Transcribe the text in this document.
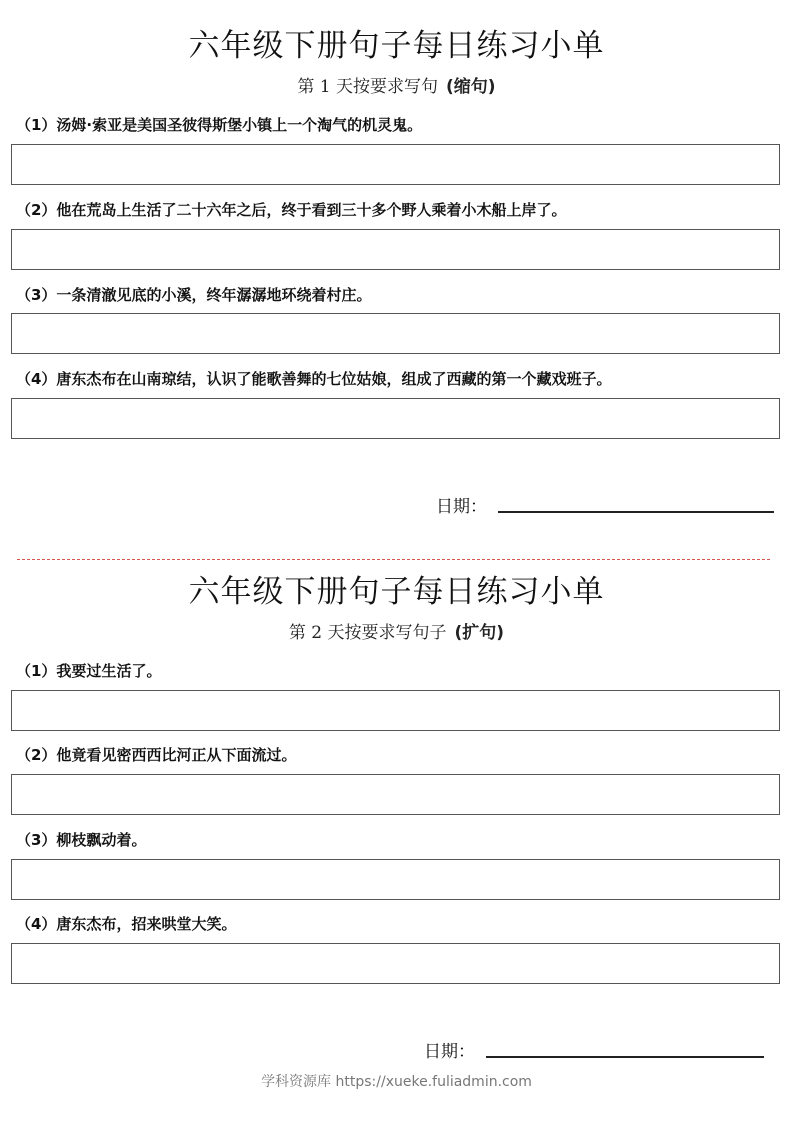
六年级下册句子每日练习小单
第 1 天按要求写句 (缩句)
（1）汤姆·索亚是美国圣彼得斯堡小镇上一个淘气的机灵鬼。
（2）他在荒岛上生活了二十六年之后，终于看到三十多个野人乘着小木船上岸了。
（3）一条清澈见底的小溪，终年潺潺地环绕着村庄。
（4）唐东杰布在山南琼结，认识了能歌善舞的七位姑娘，组成了西藏的第一个藏戏班子。
日期：
六年级下册句子每日练习小单
第 2 天按要求写句子 (扩句)
（1）我要过生活了。
（2）他竟看见密西西比河正从下面流过。
（3）柳枝飘动着。
（4）唐东杰布，招来哄堂大笑。
日期：
学科资源库 https://xueke.fuliadmin.com
